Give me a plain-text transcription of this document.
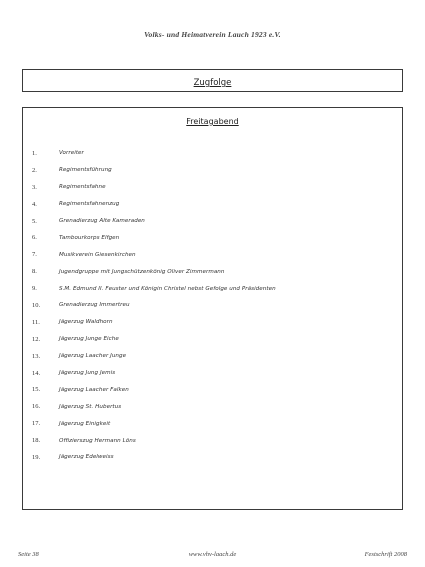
Volks- und Heimatverein Lauch 1923 e.V.
Zugfolge
Freitagabend
1.	Vorreiter
2.	Regimentsführung
3.	Regimentsfahne
4.	Regimentsfahnenzug
5.	Grenadierzug Alte Kameraden
6.	Tambourkorps Elfgen
7.	Musikverein Giesenkirchen
8.	Jugendgruppe mit Jungschützenkönig Oliver Zimmermann
9.	S.M. Edmund II. Feuster und Königin Christel nebst Gefolge und Präsidenten
10.	Grenadierzug Immertreu
11.	Jägerzug Waldhorn
12.	Jägerzug Junge Eiche
13.	Jägerzug Laacher Junge
14.	Jägerzug Jung Jemis
15.	Jägerzug Laacher Falken
16.	Jägerzug St. Hubertus
17.	Jägerzug Einigkeit
18.	Offizierszug Hermann Löns
19.	Jägerzug Edelweiss
Seite 38	www.vhv-laach.de	Festschrift 2008
